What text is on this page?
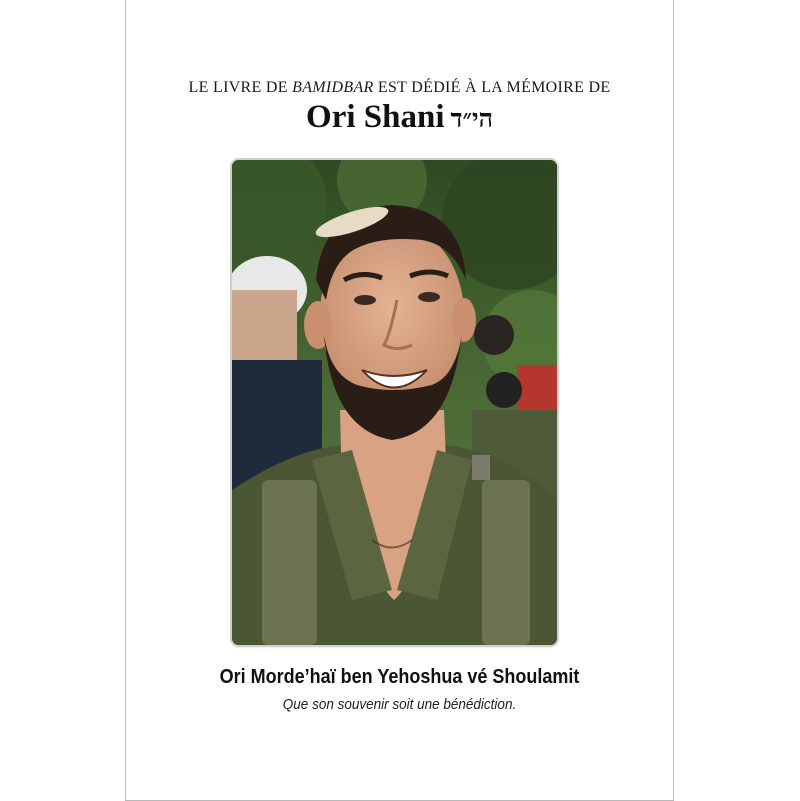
LE LIVRE DE BAMIDBAR EST DÉDIÉ À LA MÉMOIRE DE
Ori Shani הי״ד
Ori Morde’haï ben Yehoshua vé Shoulamit
Que son souvenir soit une bénédiction.
